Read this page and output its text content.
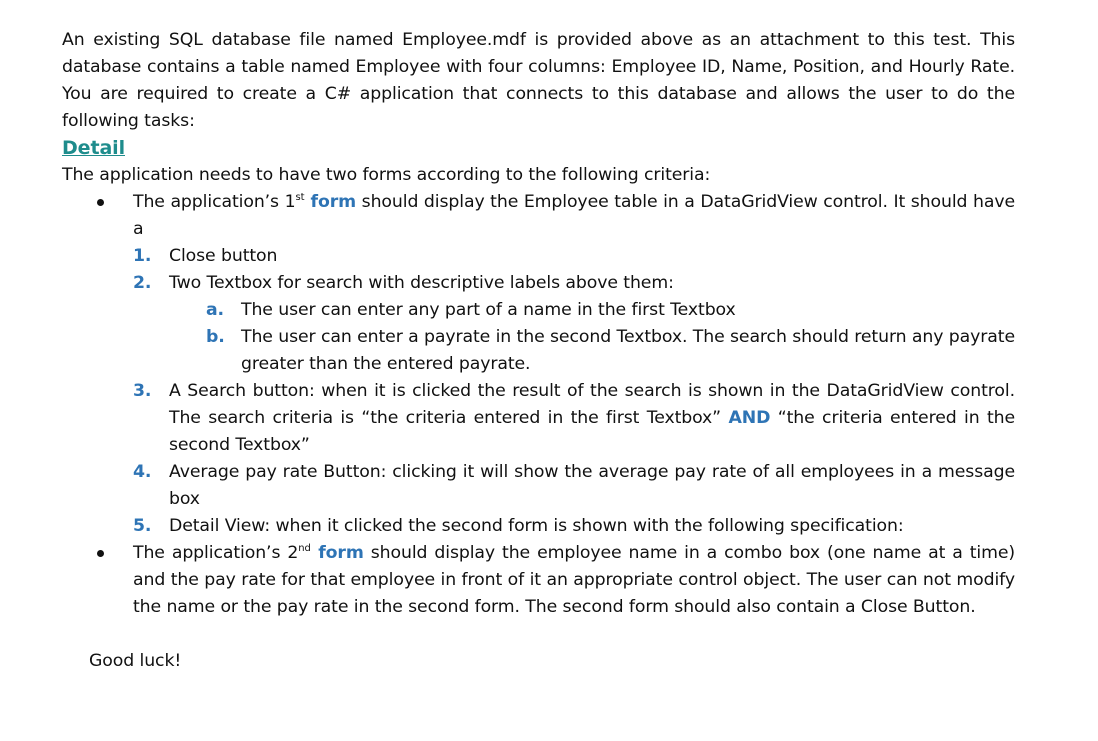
An existing SQL database file named Employee.mdf is provided above as an attachment to this test. This database contains a table named Employee with four columns: Employee ID, Name, Position, and Hourly Rate. You are required to create a C# application that connects to this database and allows the user to do the following tasks:

Detail

The application needs to have two forms according to the following criteria:

The application’s 1st form should display the Employee table in a DataGridView control. It should have a
1. Close button
2. Two Textbox for search with descriptive labels above them:
a. The user can enter any part of a name in the first Textbox
b. The user can enter a payrate in the second Textbox. The search should return any payrate greater than the entered payrate.
3. A Search button: when it is clicked the result of the search is shown in the DataGridView control. The search criteria is “the criteria entered in the first Textbox” AND “the criteria entered in the second Textbox”
4. Average pay rate Button: clicking it will show the average pay rate of all employees in a message box
5. Detail View: when it clicked the second form is shown with the following specification:
The application’s 2nd form should display the employee name in a combo box (one name at a time) and the pay rate for that employee in front of it an appropriate control object. The user can not modify the name or the pay rate in the second form. The second form should also contain a Close Button.

Good luck!
